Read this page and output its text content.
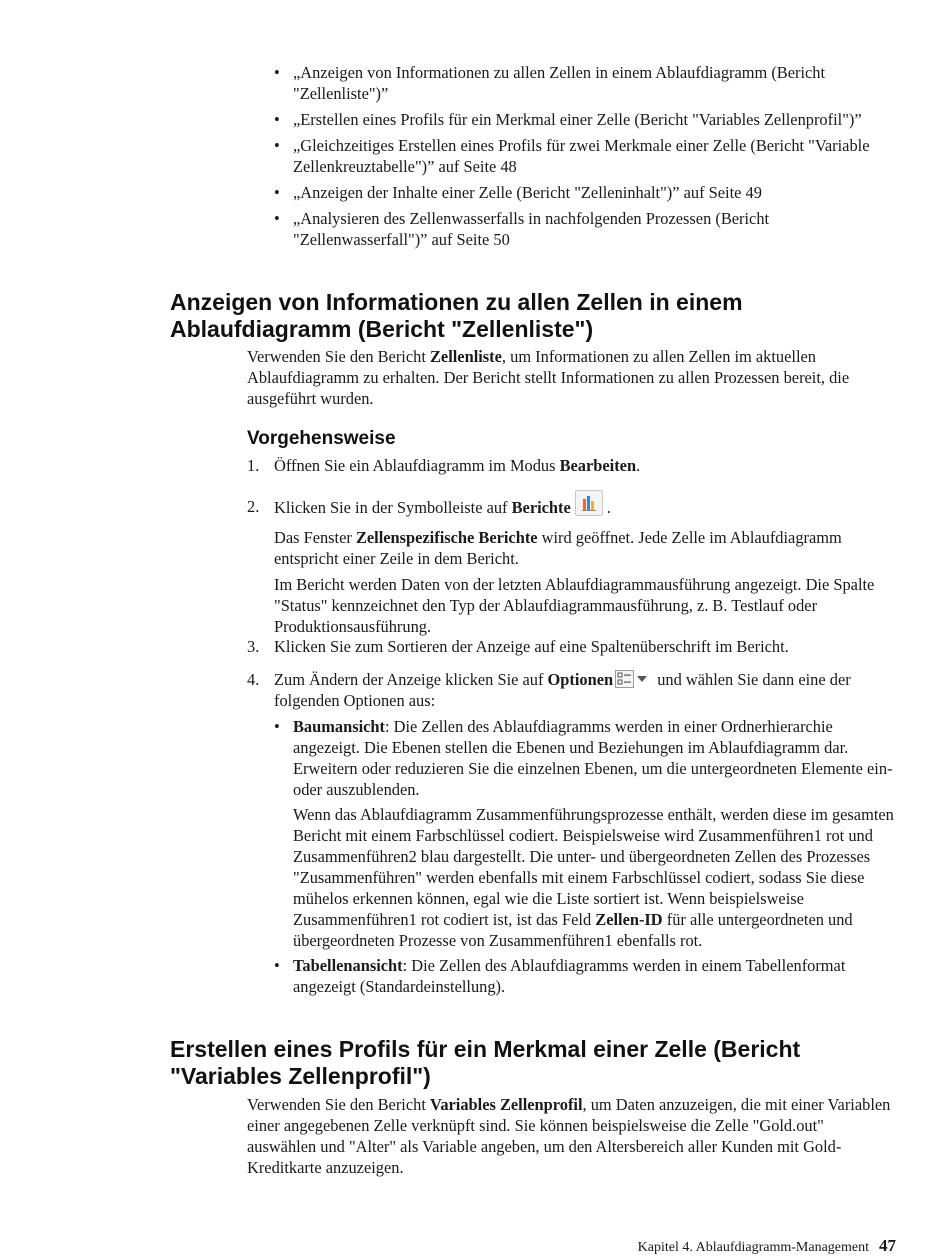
• „Anzeigen von Informationen zu allen Zellen in einem Ablaufdiagramm (Bericht "Zellenliste")”
• „Erstellen eines Profils für ein Merkmal einer Zelle (Bericht "Variables Zellenprofil")”
• „Gleichzeitiges Erstellen eines Profils für zwei Merkmale einer Zelle (Bericht "Variable Zellenkreuztabelle")” auf Seite 48
• „Anzeigen der Inhalte einer Zelle (Bericht "Zelleninhalt")” auf Seite 49
• „Analysieren des Zellenwasserfalls in nachfolgenden Prozessen (Bericht "Zellenwasserfall")” auf Seite 50
Anzeigen von Informationen zu allen Zellen in einem Ablaufdiagramm (Bericht "Zellenliste")

Verwenden Sie den Bericht Zellenliste, um Informationen zu allen Zellen im aktuellen Ablaufdiagramm zu erhalten. Der Bericht stellt Informationen zu allen Prozessen bereit, die ausgeführt wurden.

Vorgehensweise
1. Öffnen Sie ein Ablaufdiagramm im Modus Bearbeiten.

2. Klicken Sie in der Symbolleiste auf Berichte .

Das Fenster Zellenspezifische Berichte wird geöffnet. Jede Zelle im Ablaufdiagramm entspricht einer Zeile in dem Bericht.

Im Bericht werden Daten von der letzten Ablaufdiagrammausführung angezeigt. Die Spalte "Status" kennzeichnet den Typ der Ablaufdiagrammausführung, z. B. Testlauf oder Produktionsausführung.

3. Klicken Sie zum Sortieren der Anzeige auf eine Spaltenüberschrift im Bericht.

4. Zum Ändern der Anzeige klicken Sie auf Optionen und wählen Sie dann eine der folgenden Optionen aus:

• Baumansicht: Die Zellen des Ablaufdiagramms werden in einer Ordnerhierarchie angezeigt. Die Ebenen stellen die Ebenen und Beziehungen im Ablaufdiagramm dar. Erweitern oder reduzieren Sie die einzelnen Ebenen, um die untergeordneten Elemente ein- oder auszublenden.

Wenn das Ablaufdiagramm Zusammenführungsprozesse enthält, werden diese im gesamten Bericht mit einem Farbschlüssel codiert. Beispielsweise wird Zusammenführen1 rot und Zusammenführen2 blau dargestellt. Die unter- und übergeordneten Zellen des Prozesses "Zusammenführen" werden ebenfalls mit einem Farbschlüssel codiert, sodass Sie diese mühelos erkennen können, egal wie die Liste sortiert ist. Wenn beispielsweise Zusammenführen1 rot codiert ist, ist das Feld Zellen-ID für alle untergeordneten und übergeordneten Prozesse von Zusammenführen1 ebenfalls rot.

• Tabellenansicht: Die Zellen des Ablaufdiagramms werden in einem Tabellenformat angezeigt (Standardeinstellung).

Erstellen eines Profils für ein Merkmal einer Zelle (Bericht "Variables Zellenprofil")

Verwenden Sie den Bericht Variables Zellenprofil, um Daten anzuzeigen, die mit einer Variablen einer angegebenen Zelle verknüpft sind. Sie können beispielsweise die Zelle "Gold.out" auswählen und "Alter" als Variable angeben, um den Altersbereich aller Kunden mit Gold-Kreditkarte anzuzeigen.

Kapitel 4. Ablaufdiagramm-Management 47
